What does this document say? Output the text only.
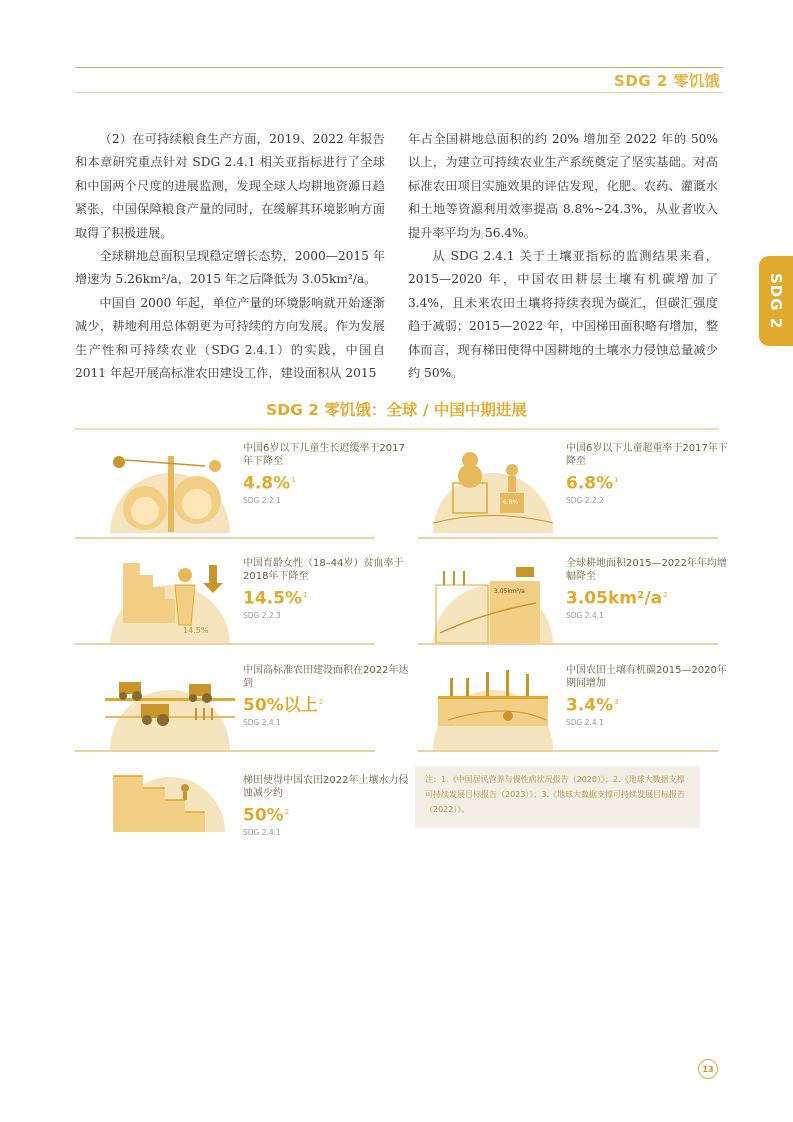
SDG 2 零饥饿
SDG 2

（2）在可持续粮食生产方面，2019、2022 年报告和本章研究重点针对 SDG 2.4.1 相关亚指标进行了全球和中国两个尺度的进展监测，发现全球人均耕地资源日趋紧张，中国保障粮食产量的同时，在缓解其环境影响方面取得了积极进展。

全球耕地总面积呈现稳定增长态势，2000—2015 年增速为 5.26km²/a，2015 年之后降低为 3.05km²/a。

中国自 2000 年起，单位产量的环境影响就开始逐渐减少，耕地利用总体朝更为可持续的方向发展。作为发展生产性和可持续农业（SDG 2.4.1）的实践，中国自 2011 年起开展高标准农田建设工作，建设面积从 2015

年占全国耕地总面积的约 20% 增加至 2022 年的 50% 以上，为建立可持续农业生产系统奠定了坚实基础。对高标准农田项目实施效果的评估发现，化肥、农药、灌溉水和土地等资源利用效率提高 8.8%~24.3%，从业者收入提升率平均为 56.4%。

从 SDG 2.4.1 关于土壤亚指标的监测结果来看，2015—2020 年，中国农田耕层土壤有机碳增加了 3.4%，且未来农田土壤将持续表现为碳汇，但碳汇强度趋于减弱；2015—2022 年，中国梯田面积略有增加，整体而言，现有梯田使得中国耕地的土壤水力侵蚀总量减少约 50%。

SDG 2 零饥饿：全球 / 中国中期进展
中国6岁以下儿童生长迟缓率于2017年下降至
4.8%$^1$
SDG 2.2.1	6.8%
中国6岁以下儿童超重率于2017年下降至
6.8%$^1$
SDG 2.2.2
14.5%
中国育龄女性（18–44岁）贫血率于2018年下降至
14.5%$^1$
SDG 2.2.3
3.05km²/a
全球耕地面积2015—2022年年均增幅降至
$3.05km^2/a^2$
SDG 2.4.1
中国高标准农田建设面积在2022年达到
50%以上$^2$
SDG 2.4.1
中国农田土壤有机碳2015—2020年期间增加
3.4%$^3$
SDG 2.4.1
梯田使得中国农田2022年土壤水力侵蚀减少约
50%$^2$
SDG 2.4.1
注：1.《中国居民营养与慢性病状况报告（2020）》；2.《地球大数据支撑可持续发展目标报告（2023）》；3.《地球大数据支撑可持续发展目标报告（2022）》。
13
